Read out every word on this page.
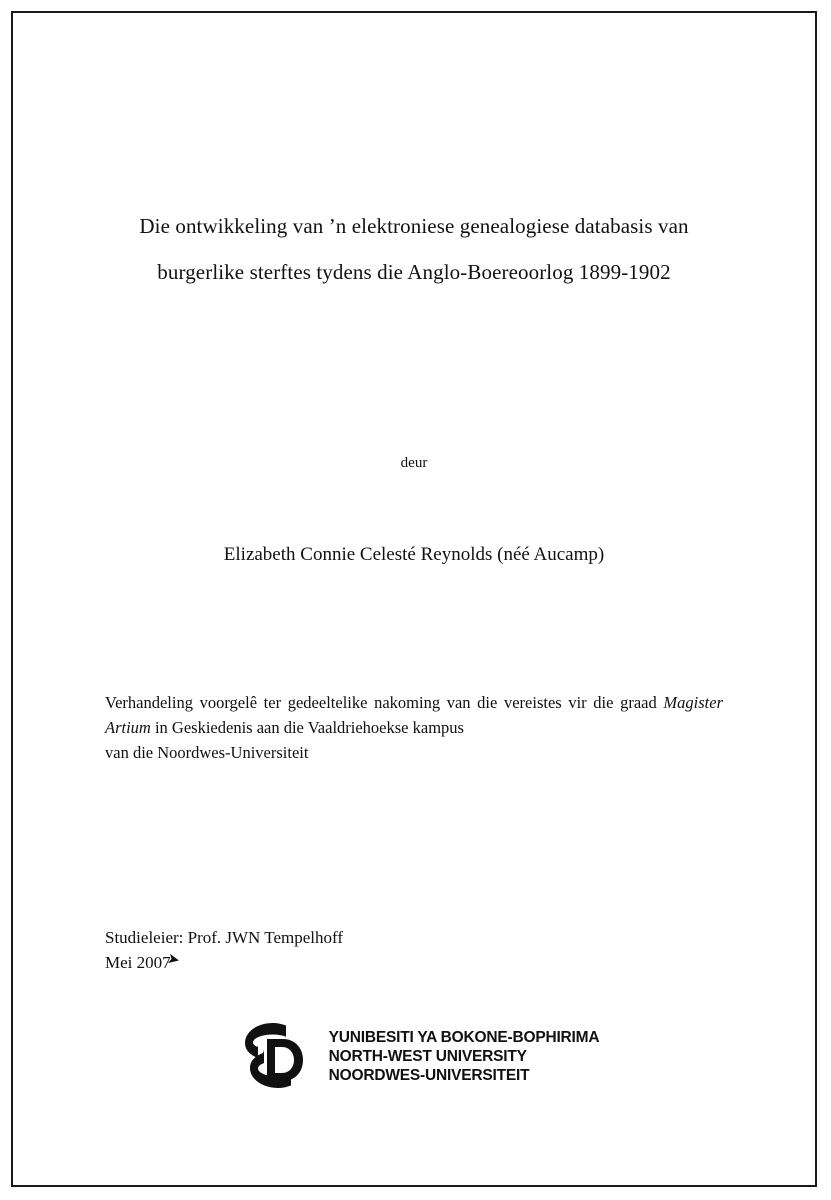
Die ontwikkeling van ’n elektroniese genealogiese databasis van
burgerlike sterftes tydens die Anglo-Boereoorlog 1899-1902
deur
Elizabeth Connie Celesté Reynolds (néé Aucamp)
Verhandeling voorgelê ter gedeeltelike nakoming van die vereistes vir die graad Magister Artium in Geskiedenis aan die Vaaldriehoekse kampus
van die Noordwes-Universiteit
Studieleier: Prof. JWN Tempelhoff
Mei 2007
➤
YUNIBESITI YA BOKONE-BOPHIRIMA
NORTH-WEST UNIVERSITY
NOORDWES-UNIVERSITEIT
